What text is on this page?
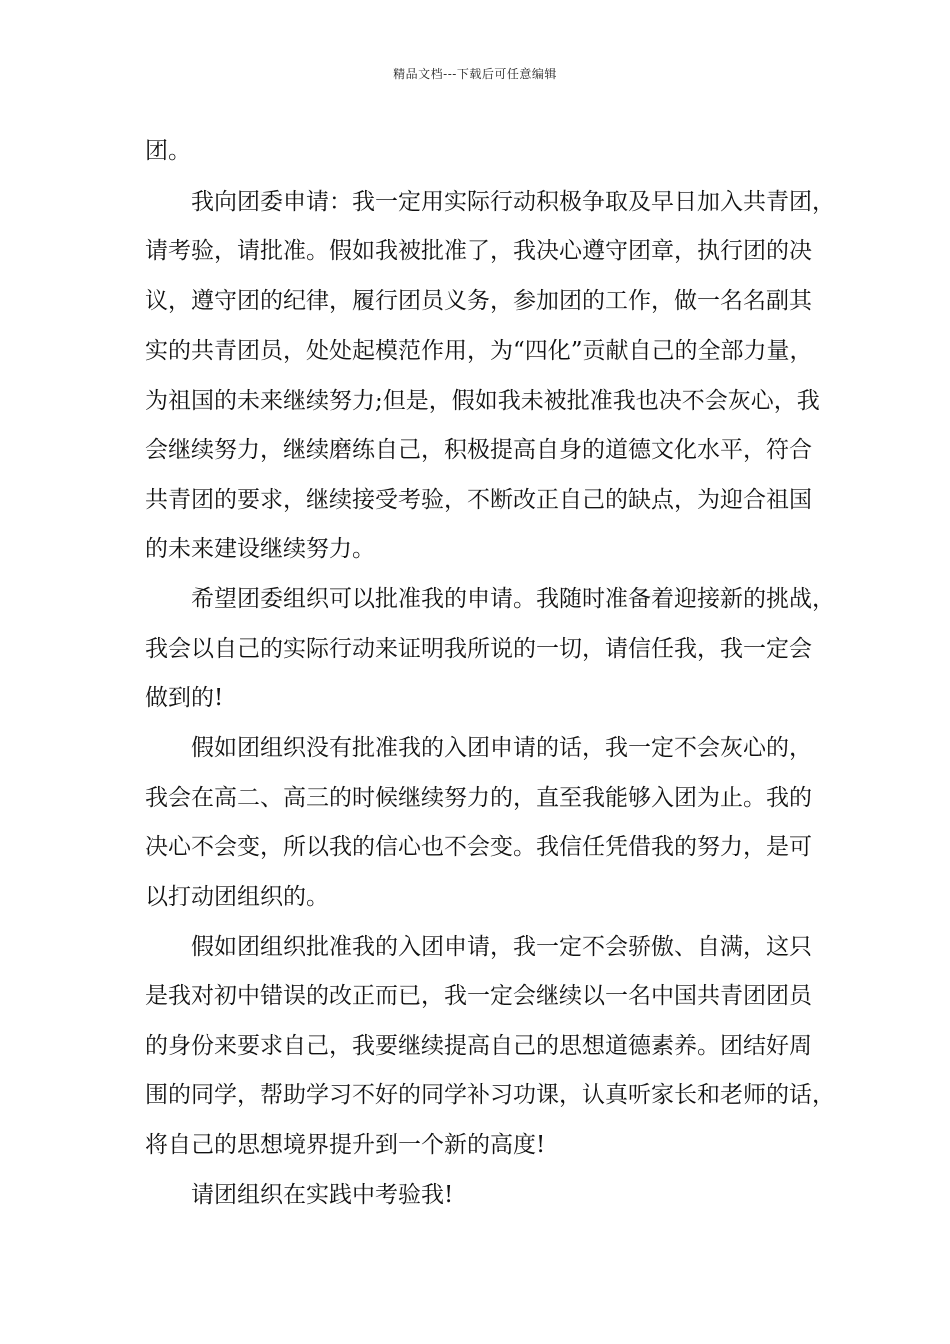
精品文档---下载后可任意编辑
团。
我向团委申请：我一定用实际行动积极争取及早日加入共青团，
请考验，请批准。假如我被批准了，我决心遵守团章，执行团的决
议，遵守团的纪律，履行团员义务，参加团的工作，做一名名副其
实的共青团员，处处起模范作用，为“四化”贡献自己的全部力量，
为祖国的未来继续努力;但是，假如我未被批准我也决不会灰心，我
会继续努力，继续磨练自己，积极提高自身的道德文化水平，符合
共青团的要求，继续接受考验，不断改正自己的缺点，为迎合祖国
的未来建设继续努力。
希望团委组织可以批准我的申请。我随时准备着迎接新的挑战，
我会以自己的实际行动来证明我所说的一切，请信任我，我一定会
做到的!
假如团组织没有批准我的入团申请的话，我一定不会灰心的，
我会在高二、高三的时候继续努力的，直至我能够入团为止。我的
决心不会变，所以我的信心也不会变。我信任凭借我的努力，是可
以打动团组织的。
假如团组织批准我的入团申请，我一定不会骄傲、自满，这只
是我对初中错误的改正而已，我一定会继续以一名中国共青团团员
的身份来要求自己，我要继续提高自己的思想道德素养。团结好周
围的同学，帮助学习不好的同学补习功课，认真听家长和老师的话，
将自己的思想境界提升到一个新的高度!
请团组织在实践中考验我!
